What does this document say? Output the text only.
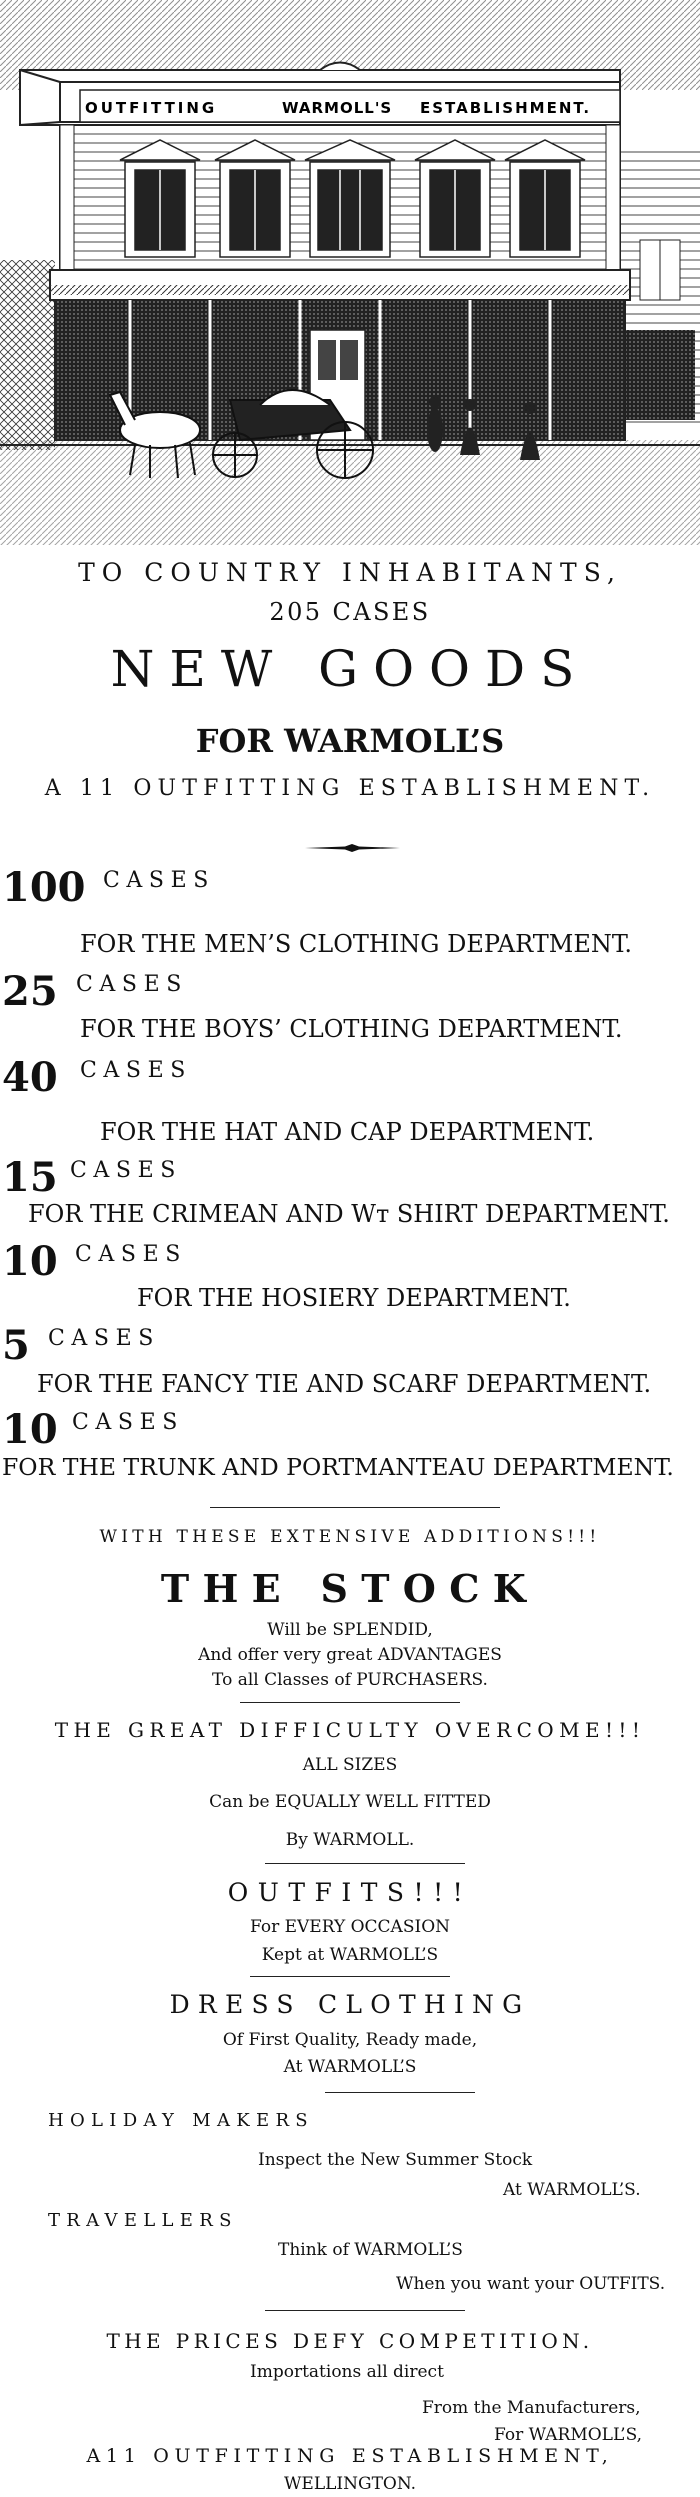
OUTFITTING	WARMOLL'S ESTABLISHMENT.
TO COUNTRY INHABITANTS,
205 CASES
NEW GOODS
FOR WARMOLL’S
A 11 OUTFITTING ESTABLISHMENT.
100 CASES
FOR THE MEN’S CLOTHING DEPARTMENT.
25 CASES
FOR THE BOYS’ CLOTHING DEPARTMENT.
40 CASES
FOR THE HAT AND CAP DEPARTMENT.
15 CASES
FOR THE CRIMEAN AND Wт SHIRT DEPARTMENT.
10 CASES
FOR THE HOSIERY DEPARTMENT.
5 CASES
FOR THE FANCY TIE AND SCARF DEPARTMENT.
10 CASES
FOR THE TRUNK AND PORTMANTEAU DEPARTMENT.
WITH THESE EXTENSIVE ADDITIONS!!!
THE STOCK
Will be SPLENDID,
And offer very great ADVANTAGES
To all Classes of PURCHASERS.
THE GREAT DIFFICULTY OVERCOME!!!
ALL SIZES
Can be EQUALLY WELL FITTED
By WARMOLL.
OUTFITS!!!
For EVERY OCCASION
Kept at WARMOLL’S
DRESS CLOTHING
Of First Quality, Ready made,
At WARMOLL’S
HOLIDAY MAKERS
Inspect the New Summer Stock
At WARMOLL’S.
TRAVELLERS
Think of WARMOLL’S
When you want your OUTFITS.
THE PRICES DEFY COMPETITION.
Importations all direct
From the Manufacturers,
For WARMOLL’S,
A11 OUTFITTING ESTABLISHMENT,
WELLINGTON.
